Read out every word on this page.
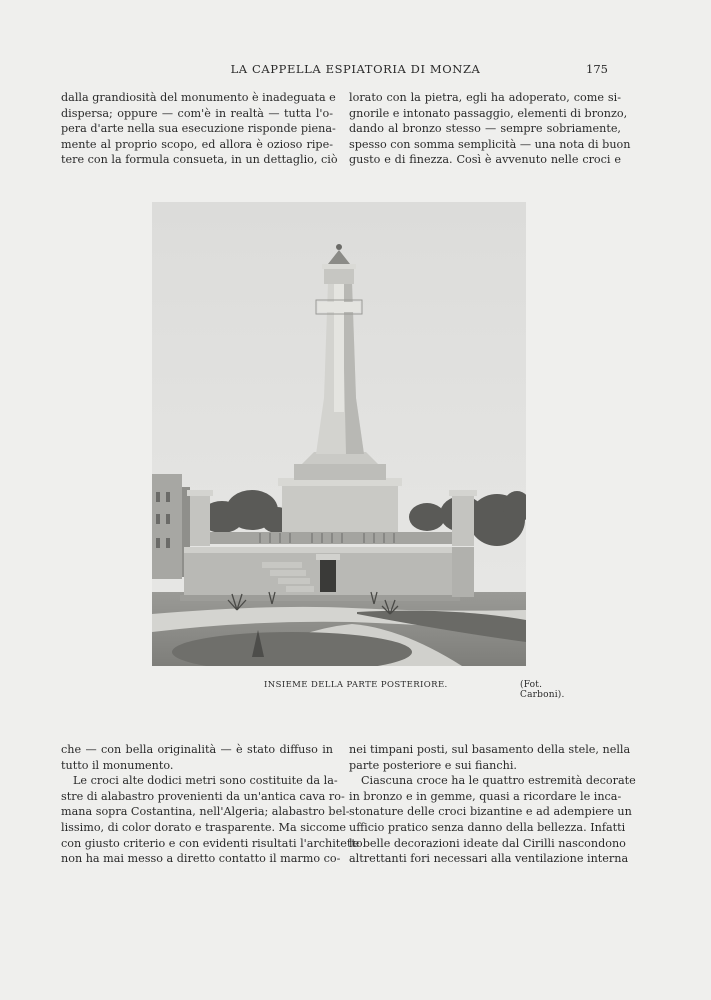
LA CAPPELLA ESPIATORIA DI MONZA	175
dalla grandiosità del monumento è inadeguata e
dispersa; oppure — com'è in realtà — tutta l'o-
pera d'arte nella sua esecuzione risponde piena-
mente al proprio scopo, ed allora è ozioso ripe-
tere con la formula consueta, in un dettaglio, ciò
lorato con la pietra, egli ha adoperato, come si-
gnorile e intonato passaggio, elementi di bronzo,
dando al bronzo stesso — sempre sobriamente,
spesso con somma semplicità — una nota di buon
gusto e di finezza. Così è avvenuto nelle croci e
INSIEME DELLA PARTE POSTERIORE.	(Fot. Carboni).
che — con bella originalità — è stato diffuso in
tutto il monumento.
Le croci alte dodici metri sono costituite da la-
stre di alabastro provenienti da un'antica cava ro-
mana sopra Costantina, nell'Algeria; alabastro bel-
lissimo, di color dorato e trasparente. Ma siccome
con giusto criterio e con evidenti risultati l'architetto
non ha mai messo a diretto contatto il marmo co-
nei timpani posti, sul basamento della stele, nella
parte posteriore e sui fianchi.
Ciascuna croce ha le quattro estremità decorate
in bronzo e in gemme, quasi a ricordare le inca-
stonature delle croci bizantine e ad adempiere un
ufficio pratico senza danno della bellezza. Infatti
le belle decorazioni ideate dal Cirilli nascondono
altrettanti fori necessari alla ventilazione interna
